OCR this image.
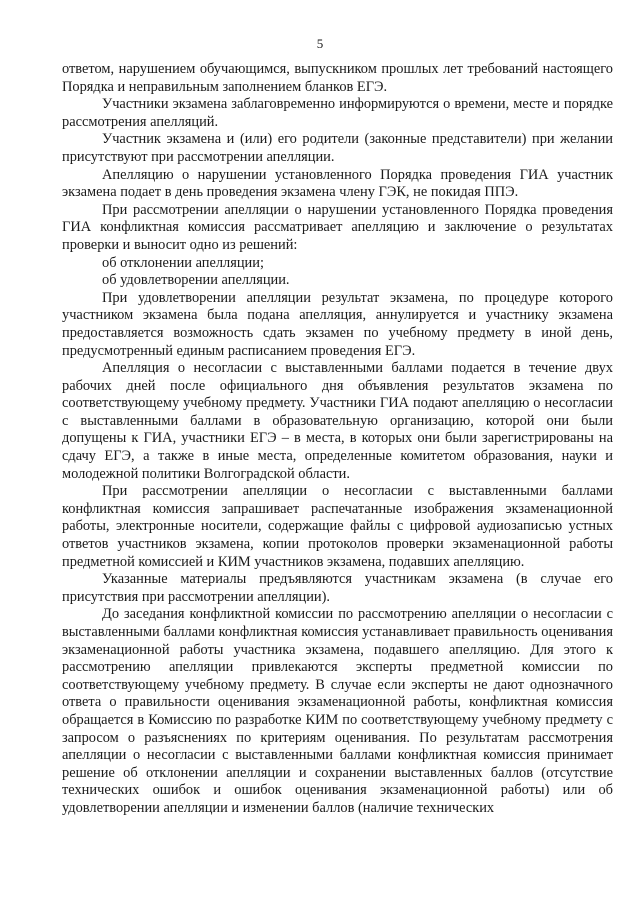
5

ответом, нарушением обучающимся, выпускником прошлых лет требований настоящего Порядка и неправильным заполнением бланков ЕГЭ.

Участники экзамена заблаговременно информируются о времени, месте и порядке рассмотрения апелляций.

Участник экзамена и (или) его родители (законные представители) при желании присутствуют при рассмотрении апелляции.

Апелляцию о нарушении установленного Порядка проведения ГИА участник экзамена подает в день проведения экзамена члену ГЭК, не покидая ППЭ.

При рассмотрении апелляции о нарушении установленного Порядка проведения ГИА конфликтная комиссия рассматривает апелляцию и заключение о результатах проверки и выносит одно из решений:

об отклонении апелляции;

об удовлетворении апелляции.

При удовлетворении апелляции результат экзамена, по процедуре которого участником экзамена была подана апелляция, аннулируется и участнику экзамена предоставляется возможность сдать экзамен по учебному предмету в иной день, предусмотренный единым расписанием проведения ЕГЭ.

Апелляция о несогласии с выставленными баллами подается в течение двух рабочих дней после официального дня объявления результатов экзамена по соответствующему учебному предмету. Участники ГИА подают апелляцию о несогласии с выставленными баллами в образовательную организацию, которой они были допущены к ГИА, участники ЕГЭ – в места, в которых они были зарегистрированы на сдачу ЕГЭ, а также в иные места, определенные комитетом образования, науки и молодежной политики Волгоградской области.

При рассмотрении апелляции о несогласии с выставленными баллами конфликтная комиссия запрашивает распечатанные изображения экзаменационной работы, электронные носители, содержащие файлы с цифровой аудиозаписью устных ответов участников экзамена, копии протоколов проверки экзаменационной работы предметной комиссией и КИМ участников экзамена, подавших апелляцию.

Указанные материалы предъявляются участникам экзамена (в случае его присутствия при рассмотрении апелляции).

До заседания конфликтной комиссии по рассмотрению апелляции о несогласии с выставленными баллами конфликтная комиссия устанавливает правильность оценивания экзаменационной работы участника экзамена, подавшего апелляцию. Для этого к рассмотрению апелляции привлекаются эксперты предметной комиссии по соответствующему учебному предмету. В случае если эксперты не дают однозначного ответа о правильности оценивания экзаменационной работы, конфликтная комиссия обращается в Комиссию по разработке КИМ по соответствующему учебному предмету с запросом о разъяснениях по критериям оценивания. По результатам рассмотрения апелляции о несогласии с выставленными баллами конфликтная комиссия принимает решение об отклонении апелляции и сохранении выставленных баллов (отсутствие технических ошибок и ошибок оценивания экзаменационной работы) или об удовлетворении апелляции и изменении баллов (наличие технических
